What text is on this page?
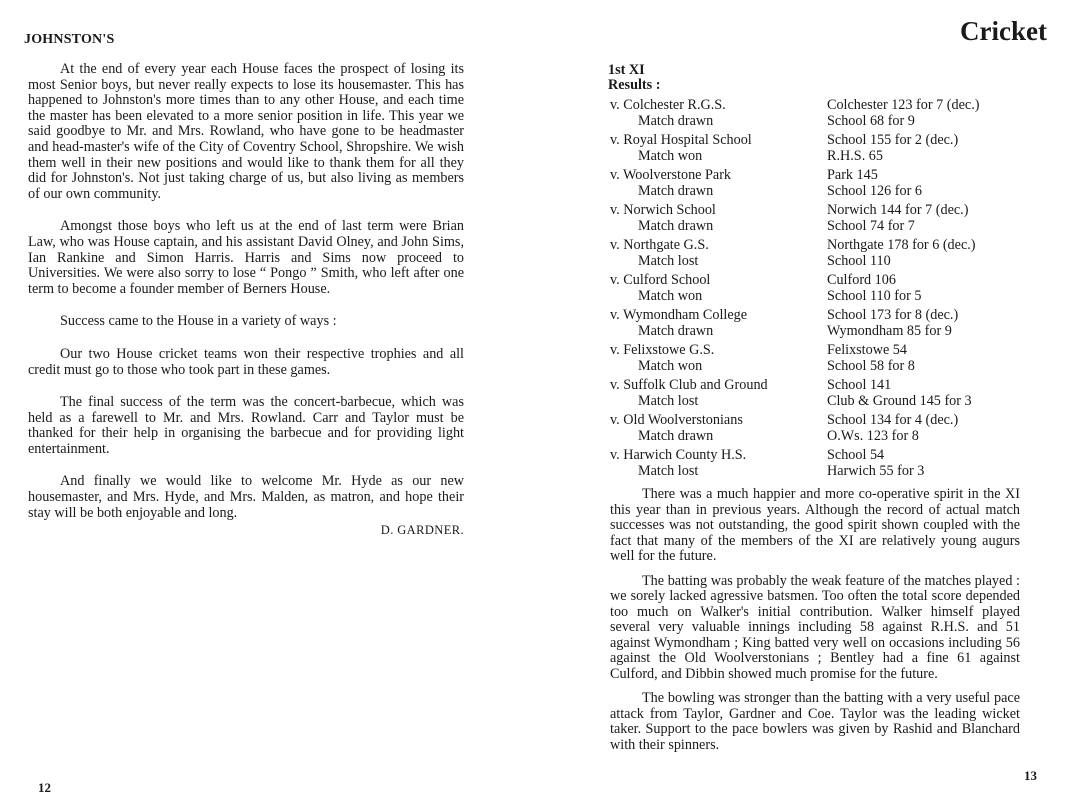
JOHNSTON'S

At the end of every year each House faces the prospect of losing its most Senior boys, but never really expects to lose its housemaster. This has happened to Johnston's more times than to any other House, and each time the master has been elevated to a more senior position in life. This year we said goodbye to Mr. and Mrs. Rowland, who have gone to be headmaster and head-master's wife of the City of Coventry School, Shropshire. We wish them well in their new positions and would like to thank them for all they did for Johnston's. Not just taking charge of us, but also living as members of our own community.

Amongst those boys who left us at the end of last term were Brian Law, who was House captain, and his assistant David Olney, and John Sims, Ian Rankine and Simon Harris. Harris and Sims now proceed to Universities. We were also sorry to lose “ Pongo ” Smith, who left after one term to become a founder member of Berners House.

Success came to the House in a variety of ways :

Our two House cricket teams won their respective trophies and all credit must go to those who took part in these games.

The final success of the term was the concert-barbecue, which was held as a farewell to Mr. and Mrs. Rowland. Carr and Taylor must be thanked for their help in organising the barbecue and for providing light entertainment.

And finally we would like to welcome Mr. Hyde as our new housemaster, and Mrs. Hyde, and Mrs. Malden, as matron, and hope their stay will be both enjoyable and long.

D. GARDNER.
12
Cricket
1st XI
Results :
v. Colchester R.G.S.
Match drawn
Colchester 123 for 7 (dec.)
School 68 for 9
v. Royal Hospital School
Match won
School 155 for 2 (dec.)
R.H.S. 65
v. Woolverstone Park
Match drawn
Park 145
School 126 for 6
v. Norwich School
Match drawn
Norwich 144 for 7 (dec.)
School 74 for 7
v. Northgate G.S.
Match lost
Northgate 178 for 6 (dec.)
School 110
v. Culford School
Match won
Culford 106
School 110 for 5
v. Wymondham College
Match drawn
School 173 for 8 (dec.)
Wymondham 85 for 9
v. Felixstowe G.S.
Match won
Felixstowe 54
School 58 for 8
v. Suffolk Club and Ground
Match lost
School 141
Club & Ground 145 for 3
v. Old Woolverstonians
Match drawn
School 134 for 4 (dec.)
O.Ws. 123 for 8
v. Harwich County H.S.
Match lost
School 54
Harwich 55 for 3

There was a much happier and more co-operative spirit in the XI this year than in previous years. Although the record of actual match successes was not outstanding, the good spirit shown coupled with the fact that many of the members of the XI are relatively young augurs well for the future.

The batting was probably the weak feature of the matches played : we sorely lacked agressive batsmen. Too often the total score depended too much on Walker's initial contribution. Walker himself played several very valuable innings including 58 against R.H.S. and 51 against Wymondham ; King batted very well on occasions including 56 against the Old Woolverstonians ; Bentley had a fine 61 against Culford, and Dibbin showed much promise for the future.

The bowling was stronger than the batting with a very useful pace attack from Taylor, Gardner and Coe. Taylor was the leading wicket taker. Support to the pace bowlers was given by Rashid and Blanchard with their spinners.

13
